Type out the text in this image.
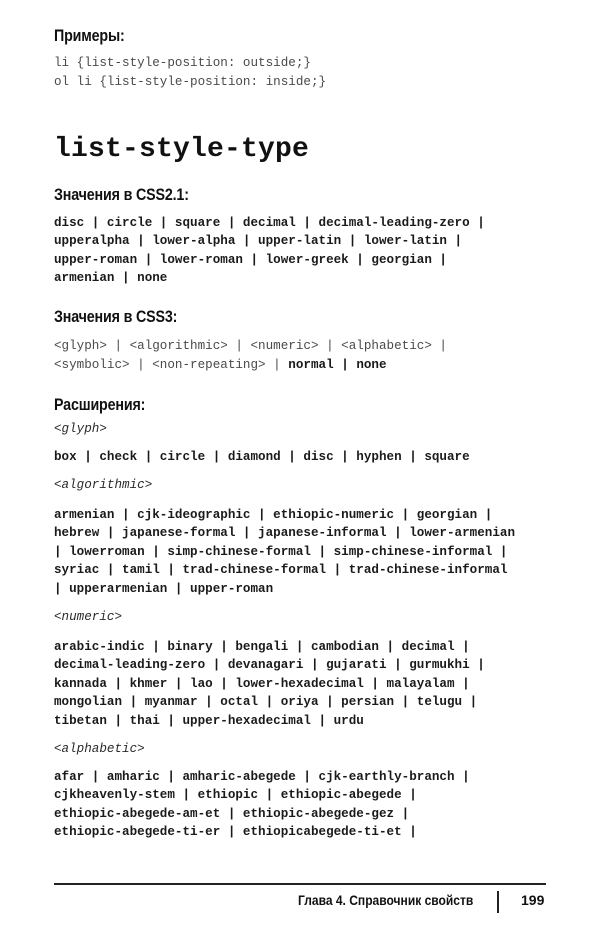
Примеры:
li {list-style-position: outside;}
ol li {list-style-position: inside;}
list-style-type
Значения в CSS2.1:
disc | circle | square | decimal | decimal-leading-zero |
upperalpha | lower-alpha | upper-latin | lower-latin |
upper-roman | lower-roman | lower-greek | georgian |
armenian | none
Значения в CSS3:
<glyph> | <algorithmic> | <numeric> | <alphabetic> |
<symbolic> | <non-repeating> | normal | none
Расширения:
<glyph>
box | check | circle | diamond | disc | hyphen | square
<algorithmic>
armenian | cjk-ideographic | ethiopic-numeric | georgian |
hebrew | japanese-formal | japanese-informal | lower-armenian
| lowerroman | simp-chinese-formal | simp-chinese-informal |
syriac | tamil | trad-chinese-formal | trad-chinese-informal
| upperarmenian | upper-roman
<numeric>
arabic-indic | binary | bengali | cambodian | decimal |
decimal-leading-zero | devanagari | gujarati | gurmukhi |
kannada | khmer | lao | lower-hexadecimal | malayalam |
mongolian | myanmar | octal | oriya | persian | telugu |
tibetan | thai | upper-hexadecimal | urdu
<alphabetic>
afar | amharic | amharic-abegede | cjk-earthly-branch |
cjkheavenly-stem | ethiopic | ethiopic-abegede |
ethiopic-abegede-am-et | ethiopic-abegede-gez |
ethiopic-abegede-ti-er | ethiopicabegede-ti-et |
Глава 4. Справочник свойств	199
